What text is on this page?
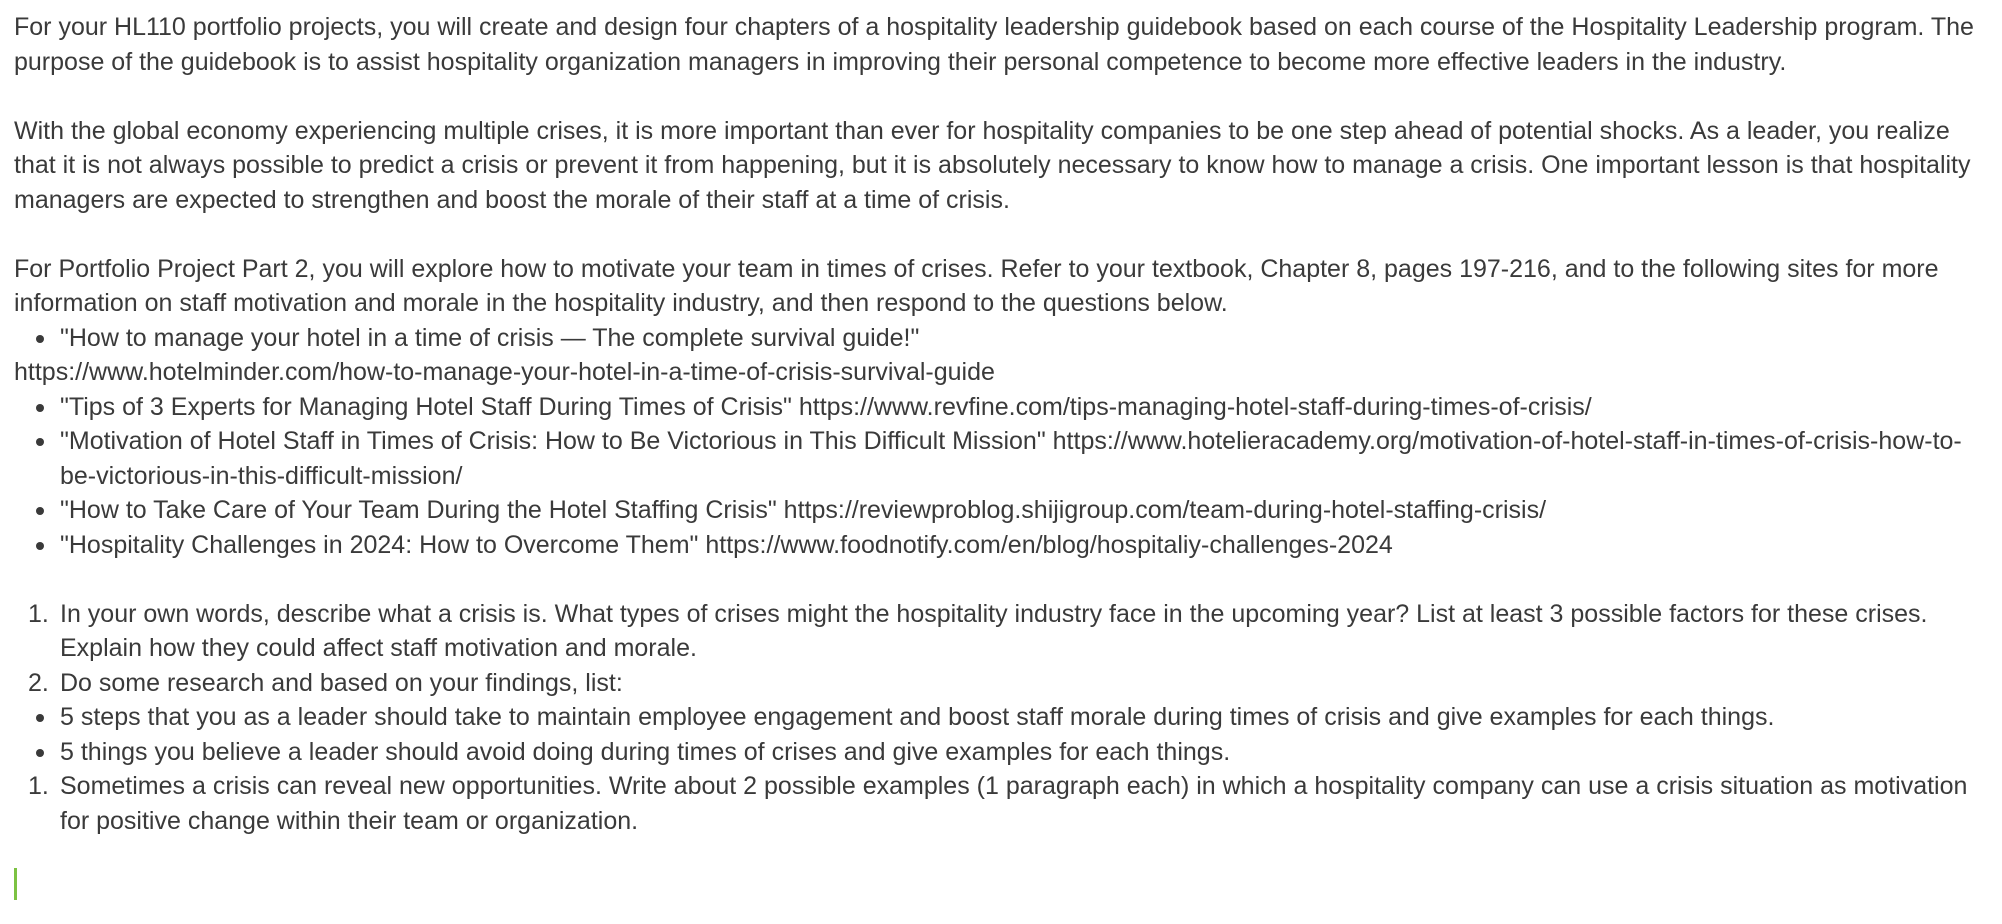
For your HL110 portfolio projects, you will create and design four chapters of a hospitality leadership guidebook based on each course of the Hospitality Leadership program. The purpose of the guidebook is to assist hospitality organization managers in improving their personal competence to become more effective leaders in the industry.

With the global economy experiencing multiple crises, it is more important than ever for hospitality companies to be one step ahead of potential shocks. As a leader, you realize that it is not always possible to predict a crisis or prevent it from happening, but it is absolutely necessary to know how to manage a crisis. One important lesson is that hospitality managers are expected to strengthen and boost the morale of their staff at a time of crisis.

For Portfolio Project Part 2, you will explore how to motivate your team in times of crises. Refer to your textbook, Chapter 8, pages 197-216, and to the following sites for more information on staff motivation and morale in the hospitality industry, and then respond to the questions below.

"How to manage your hotel in a time of crisis — The complete survival guide!"

https://www.hotelminder.com/how-to-manage-your-hotel-in-a-time-of-crisis-survival-guide

"Tips of 3 Experts for Managing Hotel Staff During Times of Crisis" https://www.revfine.com/tips-managing-hotel-staff-during-times-of-crisis/
"Motivation of Hotel Staff in Times of Crisis: How to Be Victorious in This Difficult Mission" https://www.hotelieracademy.org/motivation-of-hotel-staff-in-times-of-crisis-how-to-be-victorious-in-this-difficult-mission/
"How to Take Care of Your Team During the Hotel Staffing Crisis" https://reviewproblog.shijigroup.com/team-during-hotel-staffing-crisis/
"Hospitality Challenges in 2024: How to Overcome Them" https://www.foodnotify.com/en/blog/hospitaliy-challenges-2024
1. In your own words, describe what a crisis is. What types of crises might the hospitality industry face in the upcoming year? List at least 3 possible factors for these crises. Explain how they could affect staff motivation and morale.
2. Do some research and based on your findings, list:
5 steps that you as a leader should take to maintain employee engagement and boost staff morale during times of crisis and give examples for each things.
5 things you believe a leader should avoid doing during times of crises and give examples for each things.
1. Sometimes a crisis can reveal new opportunities. Write about 2 possible examples (1 paragraph each) in which a hospitality company can use a crisis situation as motivation for positive change within their team or organization.
